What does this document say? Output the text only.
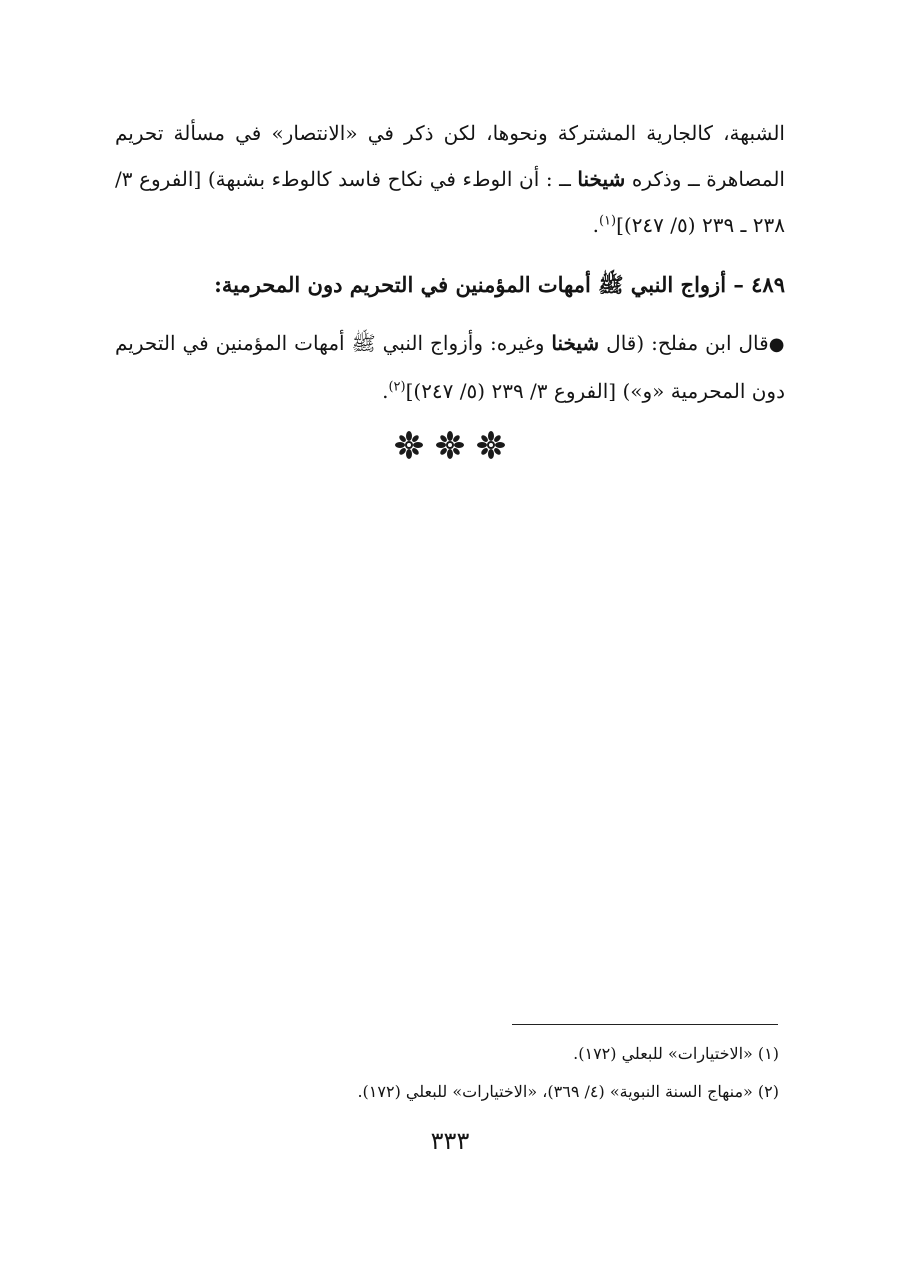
الشبهة، كالجارية المشتركة ونحوها، لكن ذكر في «الانتصار» في مسألة تحريم المصاهرة ــ وذكره شيخنا ــ : أن الوطء في نكاح فاسد كالوطء بشبهة) [الفروع ٣/ ٢٣٨ ـ ٢٣٩ (٥/ ٢٤٧)]$^{(١)}$.

٤٨٩ – أزواج النبي ﷺ أمهات المؤمنين في التحريم دون المحرمية:

●قال ابن مفلح: (قال شيخنا وغيره: وأزواج النبي ﷺ أمهات المؤمنين في التحريم دون المحرمية «و») [الفروع ٣/ ٢٣٩ (٥/ ٢٤٧)]$^{(٢)}$.

(١) «الاختيارات» للبعلي (١٧٢).

(٢) «منهاج السنة النبوية» (٤/ ٣٦٩)، «الاختيارات» للبعلي (١٧٢).

٣٣٣
